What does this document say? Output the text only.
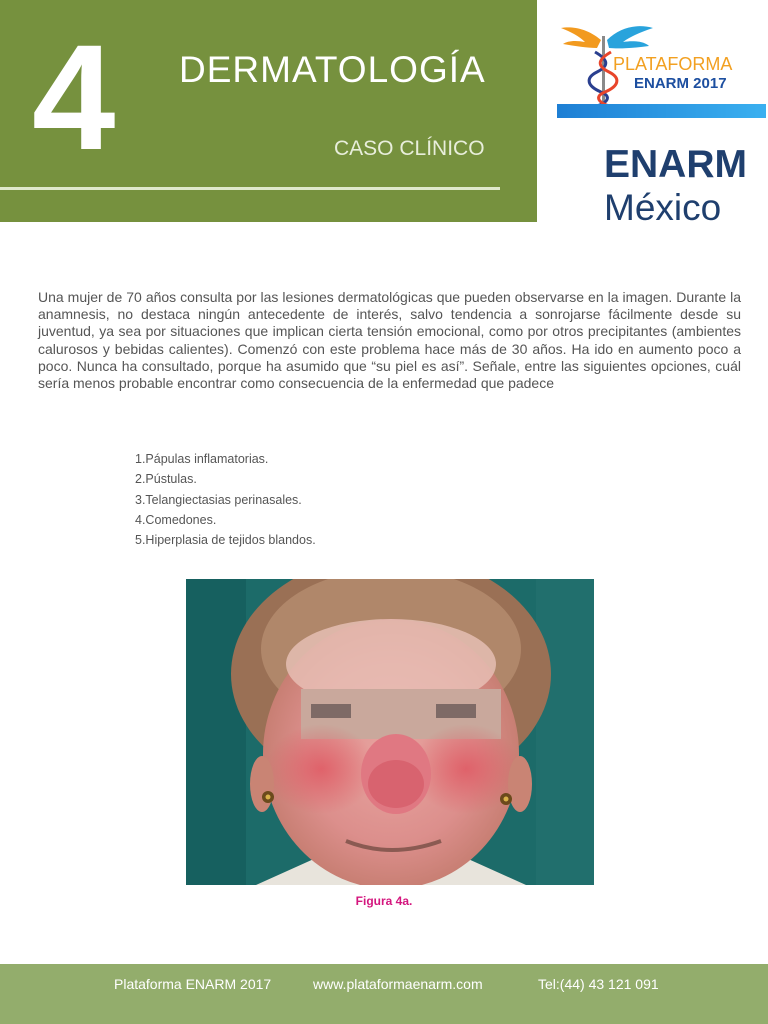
4 DERMATOLOGÍA
CASO CLÍNICO
PLATAFORMA
ENARM 2017
ENARM
México

Una mujer de 70 años consulta por las lesiones dermatológicas que pueden observarse en la imagen. Durante la anamnesis, no destaca ningún antecedente de interés, salvo tendencia a sonrojarse fácilmente desde su juventud, ya sea por situaciones que implican cierta tensión emocional, como por otros precipitantes (ambientes calurosos y bebidas calientes). Comenzó con este problema hace más de 30 años. Ha ido en aumento poco a poco. Nunca ha consultado, porque ha asumido que “su piel es así”. Señale, entre las siguientes opciones, cuál sería menos probable encontrar como consecuencia de la enfermedad que padece

1.Pápulas inflamatorias.
2.Pústulas.
3.Telangiectasias perinasales.
4.Comedones.
5.Hiperplasia de tejidos blandos.
Figura 4a.
Plataforma ENARM 2017	www.plataformaenarm.com	Tel:(44) 43 121 091
